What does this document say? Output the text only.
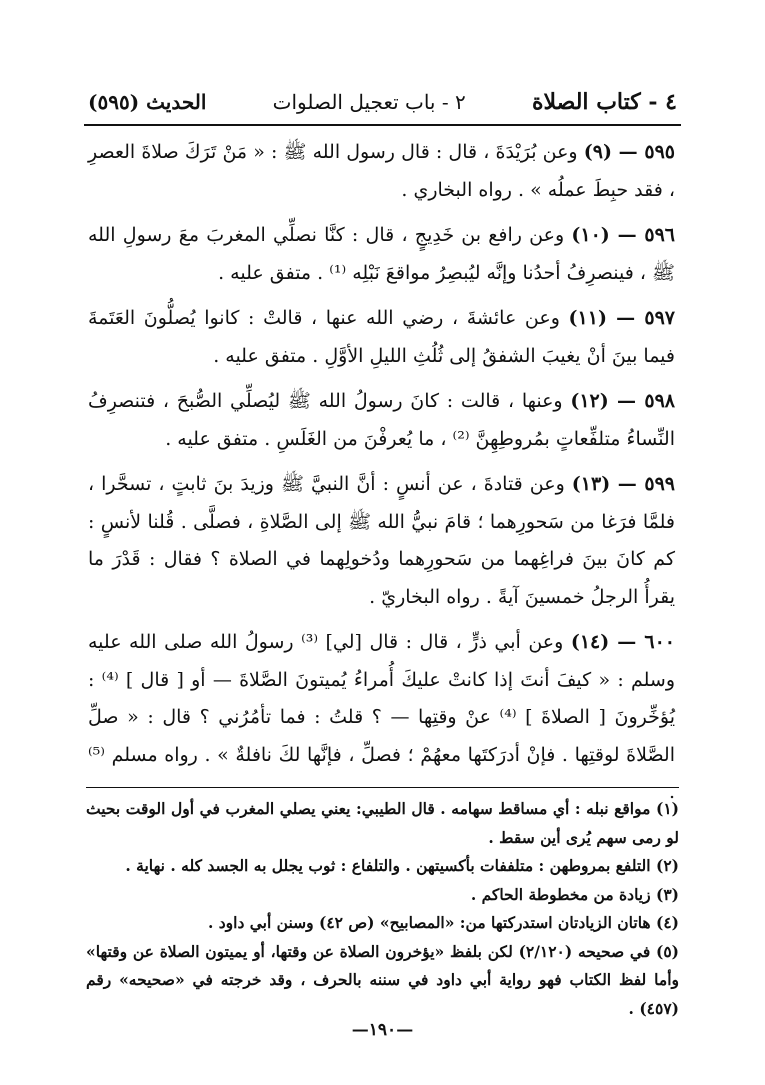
٤ - كتاب الصلاة
٢ - باب تعجيل الصلوات
الحديث (٥٩٥)

٥٩٥ — (٩) وعن بُرَيْدَةَ ، قال : قال رسول الله ﷺ : « مَنْ تَرَكَ صلاةَ العصرِ ، فقد حبِطَ عملُه » . رواه البخاري .

٥٩٦ — (١٠) وعن رافع بن خَدِيجٍ ، قال : كنَّا نصلِّي المغربَ معَ رسولِ الله ﷺ ، فينصرِفُ أحدُنا وإنَّه ليُبصِرُ مواقعَ نَبْلِه ⁽¹⁾ . متفق عليه .

٥٩٧ — (١١) وعن عائشةَ ، رضي الله عنها ، قالتْ : كانوا يُصلُّونَ العَتَمةَ فيما بينَ أنْ يغيبَ الشفقُ إلى ثُلُثِ الليلِ الأوَّلِ . متفق عليه .

٥٩٨ — (١٢) وعنها ، قالت : كانَ رسولُ الله ﷺ ليُصلِّي الصُّبحَ ، فتنصرِفُ النِّساءُ متلفِّعاتٍ بمُروطِهِنَّ ⁽²⁾ ، ما يُعرفْنَ من الغَلَسِ . متفق عليه .

٥٩٩ — (١٣) وعن قتادةَ ، عن أنسٍ : أنَّ النبيَّ ﷺ وزيدَ بنَ ثابتٍ ، تسحَّرا ، فلمَّا فرَغا من سَحورِهما ؛ قامَ نبيُّ الله ﷺ إلى الصَّلاةِ ، فصلَّى . قُلنا لأنسٍ : كم كانَ بينَ فراغِهما من سَحورِهما ودُخولِهما في الصلاة ؟ فقال : قَدْرَ ما يقرأُ الرجلُ خمسينَ آيةً . رواه البخاريّ .

٦٠٠ — (١٤) وعن أبي ذرٍّ ، قال : قال [لي] ⁽³⁾ رسولُ الله صلى الله عليه وسلم : « كيفَ أنتَ إذا كانتْ عليكَ أُمراءُ يُميتونَ الصَّلاةَ — أو [ قال ] ⁽⁴⁾ : يُؤخِّرونَ [ الصلاةَ ] ⁽⁴⁾ عنْ وقتِها — ؟ قلتُ : فما تأمُرُني ؟ قال : « صلِّ الصَّلاةَ لوقتِها . فإنْ أدرَكتَها معهُمْ ؛ فصلِّ ، فإنَّها لكَ نافلةٌ » . رواه مسلم ⁽⁵⁾ .

(١) مواقع نبله : أي مساقط سهامه . قال الطيبي: يعني يصلي المغرب في أول الوقت بحيث لو رمى سهم يُرى أين سقط .

(٢) التلفع بمروطهن : متلففات بأكسيتهن . والتلفاع : ثوب يجلل به الجسد كله . نهاية .

(٣) زيادة من مخطوطة الحاكم .

(٤) هاتان الزيادتان استدركتها من: «المصابيح» (ص ٤٢) وسنن أبي داود .

(٥) في صحيحه (٢/١٢٠) لكن بلفظ «يؤخرون الصلاة عن وقتها، أو يميتون الصلاة عن وقتها» وأما لفظ الكتاب فهو رواية أبي داود في سننه بالحرف ، وقد خرجته في «صحيحه» رقم (٤٥٧) .

—١٩٠—
